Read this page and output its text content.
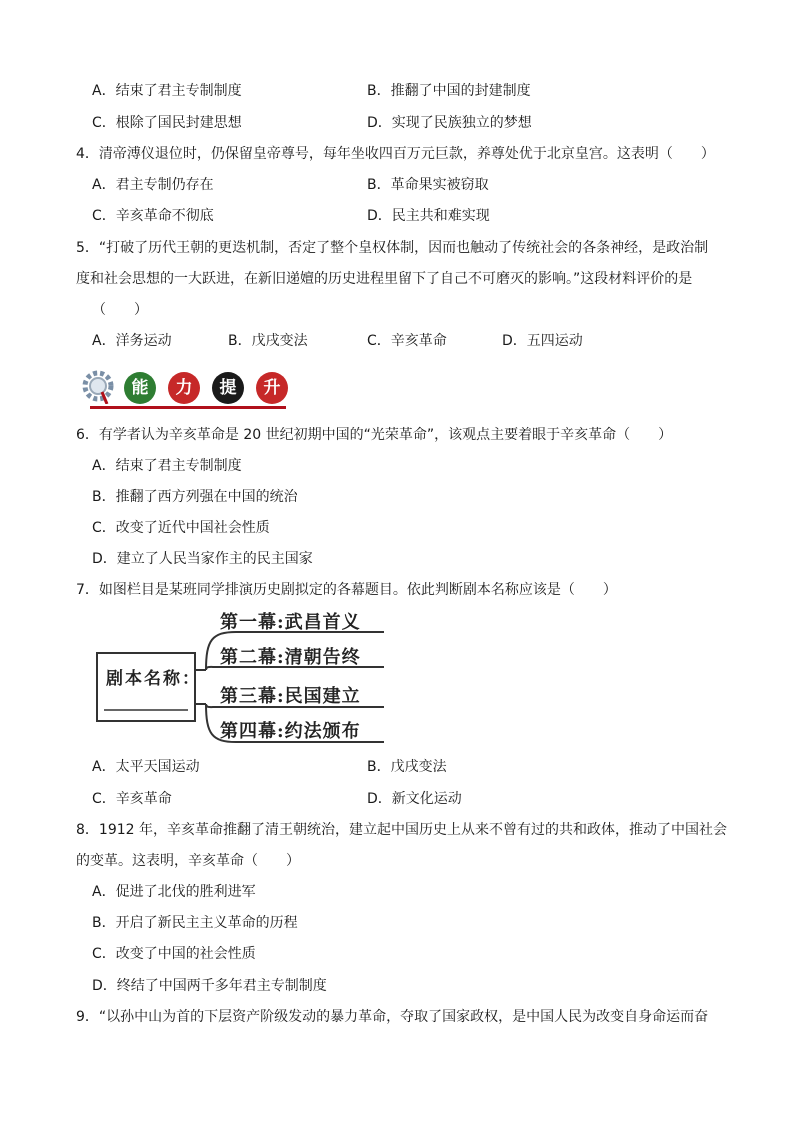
A．结束了君主专制制度	B．推翻了中国的封建制度
C．根除了国民封建思想	D．实现了民族独立的梦想
4．清帝溥仪退位时，仍保留皇帝尊号，每年坐收四百万元巨款，养尊处优于北京皇宫。这表明（　　）
A．君主专制仍存在	B．革命果实被窃取
C．辛亥革命不彻底	D．民主共和难实现
5．“打破了历代王朝的更迭机制，否定了整个皇权体制，因而也触动了传统社会的各条神经，是政治制
度和社会思想的一大跃进，在新旧递嬗的历史进程里留下了自己不可磨灭的影响。”这段材料评价的是
（　　）
A．洋务运动	B．戊戌变法	C．辛亥革命	D．五四运动
能	力	提	升
6．有学者认为辛亥革命是 20 世纪初期中国的“光荣革命”，该观点主要着眼于辛亥革命（　　）
A．结束了君主专制制度
B．推翻了西方列强在中国的统治
C．改变了近代中国社会性质
D．建立了人民当家作主的民主国家
7．如图栏目是某班同学排演历史剧拟定的各幕题目。依此判断剧本名称应该是（　　）
剧本名称：
第一幕:武昌首义
第二幕:清朝告终
第三幕:民国建立
第四幕:约法颁布
A．太平天国运动	B．戊戌变法
C．辛亥革命	D．新文化运动
8．1912 年，辛亥革命推翻了清王朝统治，建立起中国历史上从来不曾有过的共和政体，推动了中国社会
的变革。这表明，辛亥革命（　　）
A．促进了北伐的胜利进军
B．开启了新民主主义革命的历程
C．改变了中国的社会性质
D．终结了中国两千多年君主专制制度
9．“以孙中山为首的下层资产阶级发动的暴力革命，夺取了国家政权，是中国人民为改变自身命运而奋
